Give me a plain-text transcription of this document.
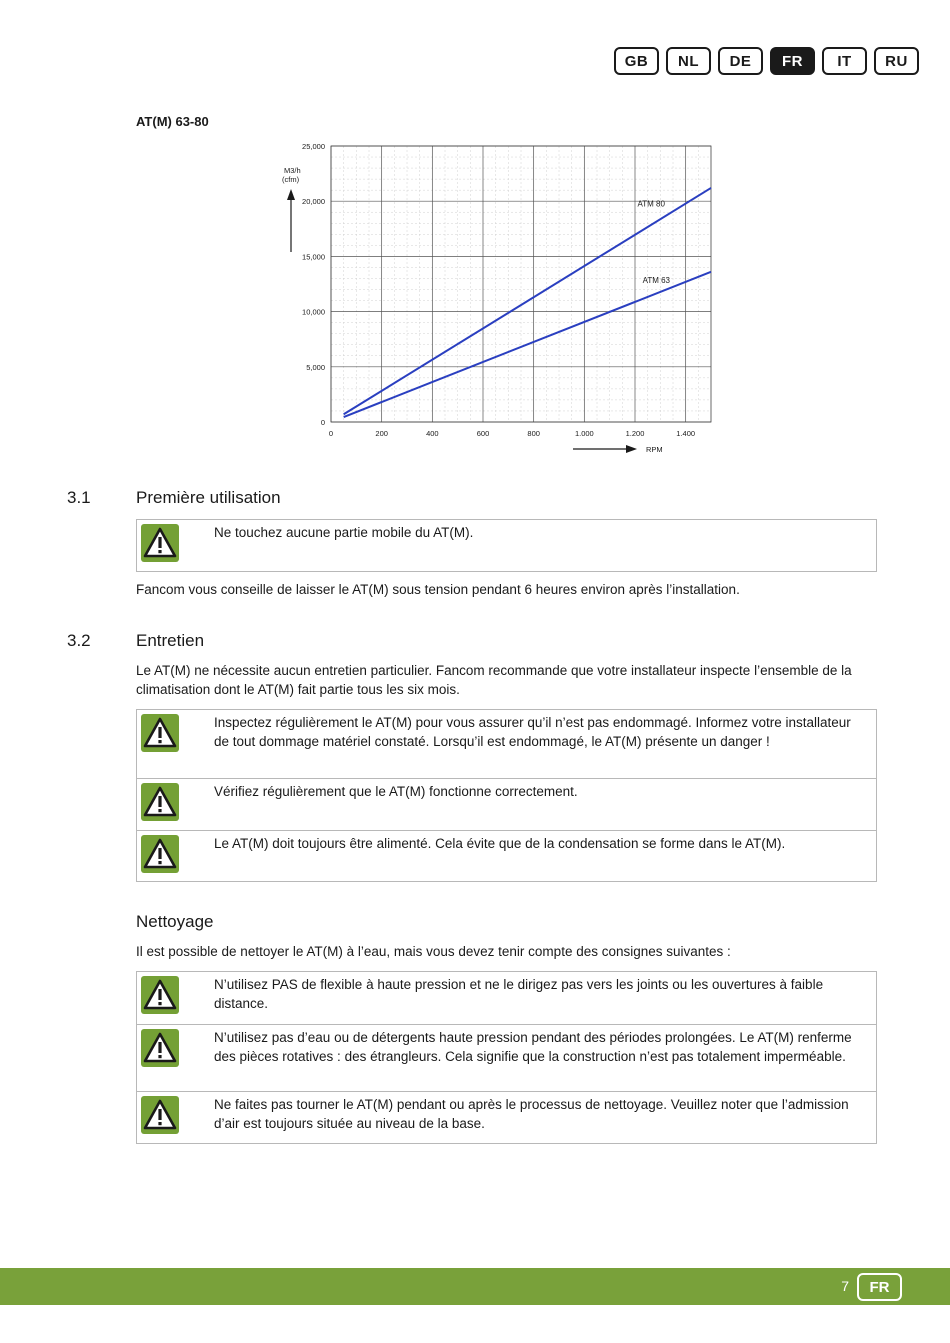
GB	NL	DE	FR	IT	RU
AT(M) 63-80
0	200	400	600	800	1.000	1.200	1.400
0
5,000
10,000
15,000
20,000
25,000
M3/h
(cfm)
RPM
ATM 80
ATM 63
3.1	Première utilisation
Ne touchez aucune partie mobile du AT(M).
Fancom vous conseille de laisser le AT(M) sous tension pendant 6 heures environ après l’installation.
3.2	Entretien
Le AT(M) ne nécessite aucun entretien particulier. Fancom recommande que votre installateur inspecte l’ensemble de la climatisation dont le AT(M) fait partie tous les six mois.
Inspectez régulièrement le AT(M) pour vous assurer qu’il n’est pas endommagé. Informez votre installateur de tout dommage matériel constaté. Lorsqu’il est endommagé, le AT(M) présente un danger !
Vérifiez régulièrement que le AT(M) fonctionne correctement.
Le AT(M) doit toujours être alimenté. Cela évite que de la condensation se forme dans le AT(M).
Nettoyage
Il est possible de nettoyer le AT(M) à l’eau, mais vous devez tenir compte des consignes suivantes :
N’utilisez PAS de flexible à haute pression et ne le dirigez pas vers les joints ou les ouvertures à faible distance.
N’utilisez pas d’eau ou de détergents haute pression pendant des périodes prolongées. Le AT(M) renferme des pièces rotatives : des étrangleurs. Cela signifie que la construction n’est pas totalement imperméable.
Ne faites pas tourner le AT(M) pendant ou après le processus de nettoyage. Veuillez noter que l’admission d’air est toujours située au niveau de la base.
7	FR
